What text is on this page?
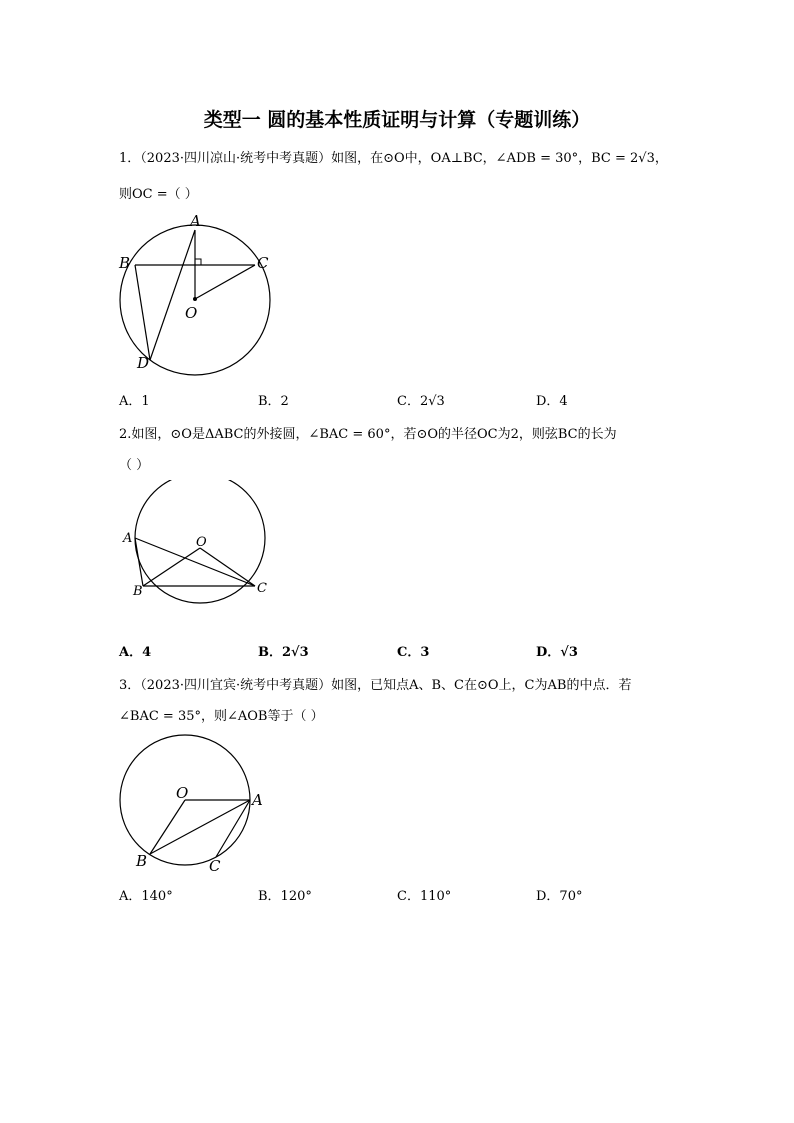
类型一 圆的基本性质证明与计算（专题训练）
1．（2023·四川凉山·统考中考真题）如图，在⊙O中，OA⊥BC，∠ADB = 30°，BC = 2√3，
则OC =（ ）
A
B	C
O
D
A．1	B．2	C．2√3	D．4
2.如图，⊙O是ΔABC的外接圆，∠BAC = 60°，若⊙O的半径OC为2，则弦BC的长为
（ ）
A	O
B	C
A．4	B．2√3	C．3	D．√3
3．（2023·四川宜宾·统考中考真题）如图，已知点A、B、C在⊙O上，C为AB的中点．若
∠BAC = 35°，则∠AOB等于（ ）
O	A
B	C
A．140°	B．120°	C．110°	D．70°
